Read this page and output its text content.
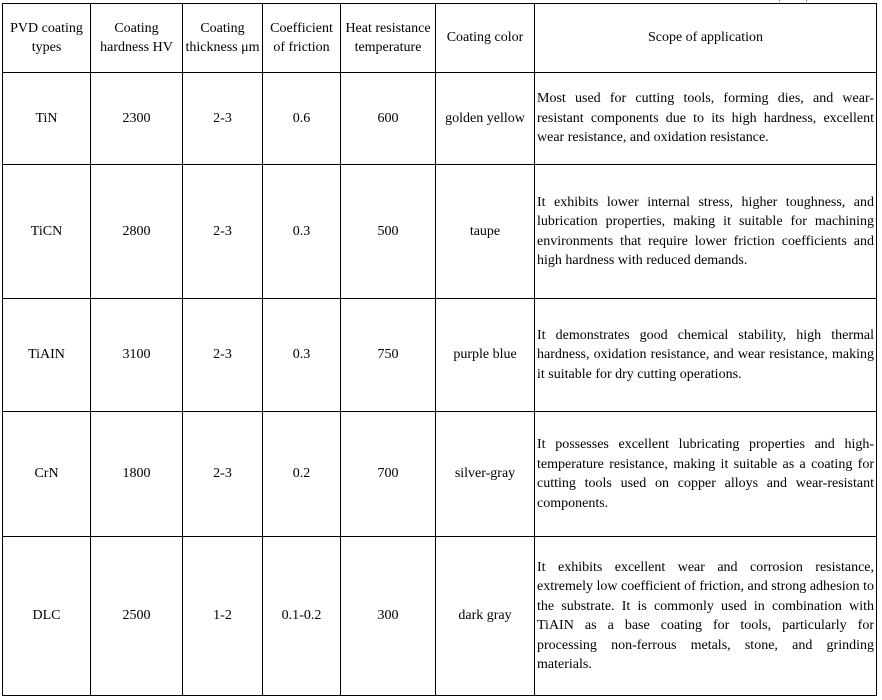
PVD coating types	Coating hardness HV	Coating thickness μm	Coefficient of friction	Heat resistance temperature	Coating color	Scope of application
TiN	2300	2-3	0.6	600	golden yellow	Most used for cutting tools, forming dies, and wear-resistant components due to its high hardness, excellent wear resistance, and oxidation resistance.
TiCN	2800	2-3	0.3	500	taupe	It exhibits lower internal stress, higher toughness, and lubrication properties, making it suitable for machining environments that require lower friction coefficients and high hardness with reduced demands.
TiAIN	3100	2-3	0.3	750	purple blue	It demonstrates good chemical stability, high thermal hardness, oxidation resistance, and wear resistance, making it suitable for dry cutting operations.
CrN	1800	2-3	0.2	700	silver-gray	It possesses excellent lubricating properties and high-temperature resistance, making it suitable as a coating for cutting tools used on copper alloys and wear-resistant components.
DLC	2500	1-2	0.1-0.2	300	dark gray	It exhibits excellent wear and corrosion resistance, extremely low coefficient of friction, and strong adhesion to the substrate. It is commonly used in combination with TiAIN as a base coating for tools, particularly for processing non-ferrous metals, stone, and grinding materials.
